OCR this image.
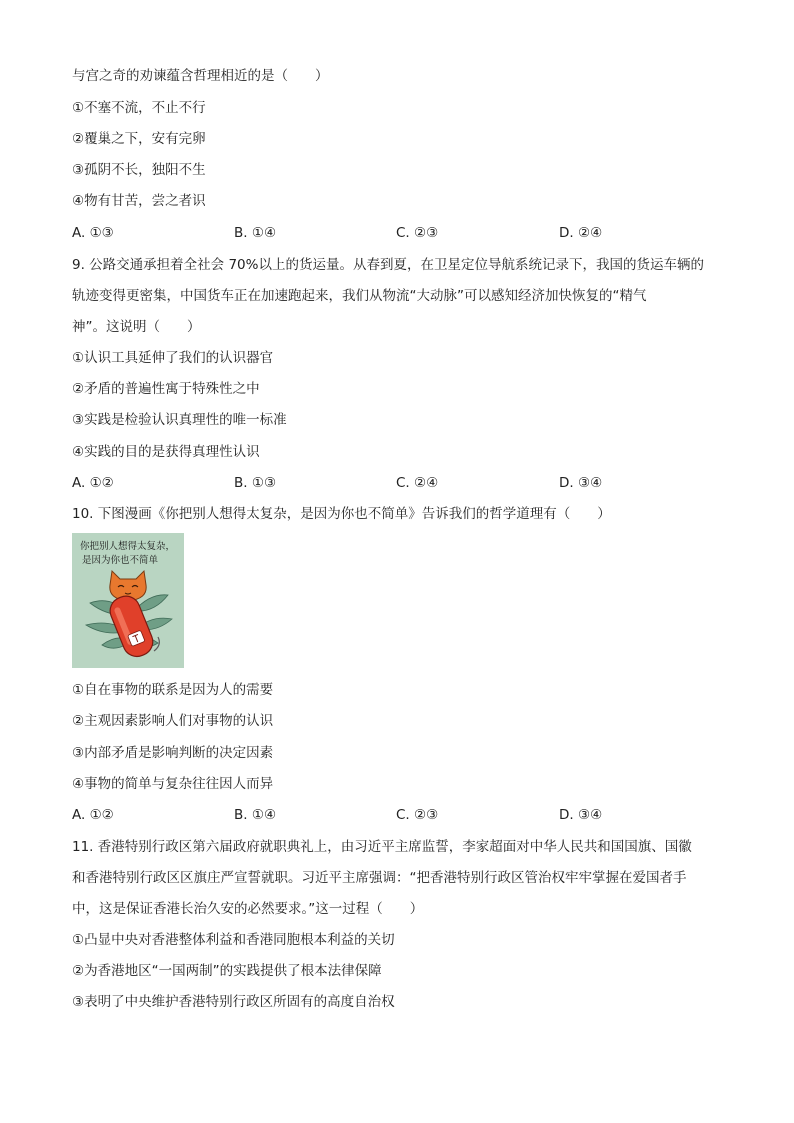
与宫之奇的劝谏蕴含哲理相近的是（　　）
①不塞不流，不止不行
②覆巢之下，安有完卵
③孤阴不长，独阳不生
④物有甘苦，尝之者识
A. ①③	B. ①④	C. ②③	D. ②④
9. 公路交通承担着全社会 70%以上的货运量。从春到夏，在卫星定位导航系统记录下，我国的货运车辆的
轨迹变得更密集，中国货车正在加速跑起来，我们从物流“大动脉”可以感知经济加快恢复的“精气
神”。这说明（　　）
①认识工具延伸了我们的认识器官
②矛盾的普遍性寓于特殊性之中
③实践是检验认识真理性的唯一标准
④实践的目的是获得真理性认识
A. ①②	B. ①③	C. ②④	D. ③④
10. 下图漫画《你把别人想得太复杂，是因为你也不简单》告诉我们的哲学道理有（　　）
你把别人想得太复杂，
是因为你也不简单
①自在事物的联系是因为人的需要
②主观因素影响人们对事物的认识
③内部矛盾是影响判断的决定因素
④事物的简单与复杂往往因人而异
A. ①②	B. ①④	C. ②③	D. ③④
11. 香港特别行政区第六届政府就职典礼上，由习近平主席监誓，李家超面对中华人民共和国国旗、国徽
和香港特别行政区区旗庄严宣誓就职。习近平主席强调：“把香港特别行政区管治权牢牢掌握在爱国者手
中，这是保证香港长治久安的必然要求。”这一过程（　　）
①凸显中央对香港整体利益和香港同胞根本利益的关切
②为香港地区“一国两制”的实践提供了根本法律保障
③表明了中央维护香港特别行政区所固有的高度自治权
